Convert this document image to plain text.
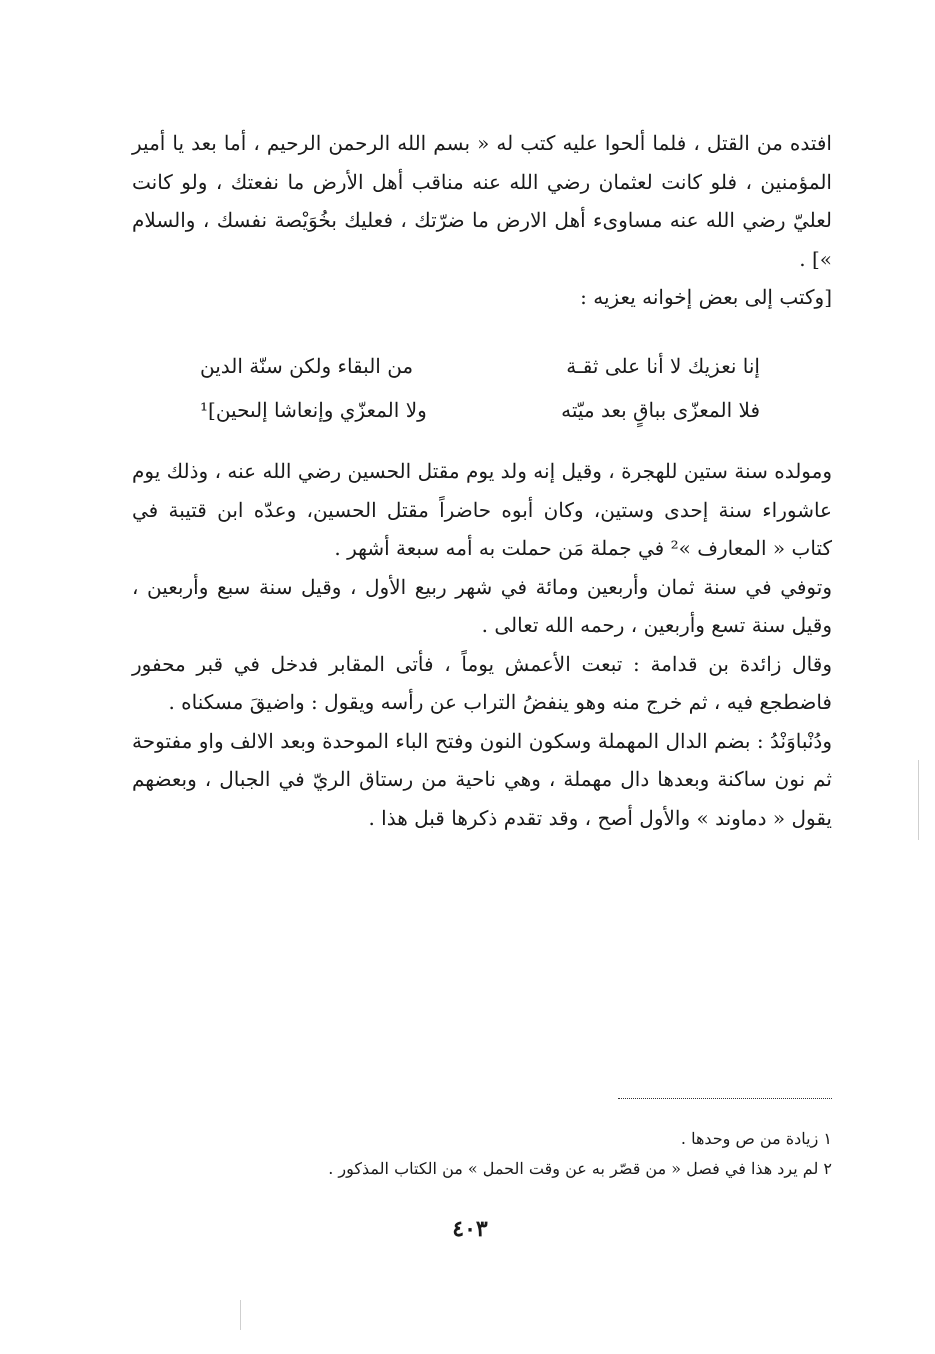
افتده من القتل ، فلما ألحوا عليه كتب له « بسم الله الرحمن الرحيم ، أما بعد يا أمير المؤمنين ، فلو كانت لعثمان رضي الله عنه مناقب أهل الأرض ما نفعتك ، ولو كانت لعليّ رضي الله عنه مساوىء أهل الارض ما ضرّتك ، فعليك بخُوَيْصة نفسك ، والسلام »] .

[وكتب إلى بعض إخوانه يعزيه :

إنا نعزيك لا أنا على ثقـة
من البقاء ولكن سنّة الدين
فلا المعزّى بباقٍ بعد ميّته
ولا المعزّي وإنعاشا إلىحين]¹

ومولده سنة ستين للهجرة ، وقيل إنه ولد يوم مقتل الحسين رضي الله عنه ، وذلك يوم عاشوراء سنة إحدى وستين، وكان أبوه حاضراً مقتل الحسين، وعدّه ابن قتيبة في كتاب « المعارف »² في جملة مَن حملت به أمه سبعة أشهر .

وتوفي في سنة ثمان وأربعين ومائة في شهر ربيع الأول ، وقيل سنة سبع وأربعين ، وقيل سنة تسع وأربعين ، رحمه الله تعالى .

وقال زائدة بن قدامة : تبعت الأعمش يوماً ، فأتى المقابر فدخل في قبر محفور فاضطجع فيه ، ثم خرج منه وهو ينفضُ التراب عن رأسه ويقول : واضيقَ مسكناه .

ودُنْباوَنْدُ : بضم الدال المهملة وسكون النون وفتح الباء الموحدة وبعد الالف واو مفتوحة ثم نون ساكنة وبعدها دال مهملة ، وهي ناحية من رستاق الريّ في الجبال ، وبعضهم يقول « دماوند » والأول أصح ، وقد تقدم ذكرها قبل هذا .

١ زيادة من ص وحدها .
٢ لم يرد هذا في فصل « من قصّر به عن وقت الحمل » من الكتاب المذكور .
٤٠٣
